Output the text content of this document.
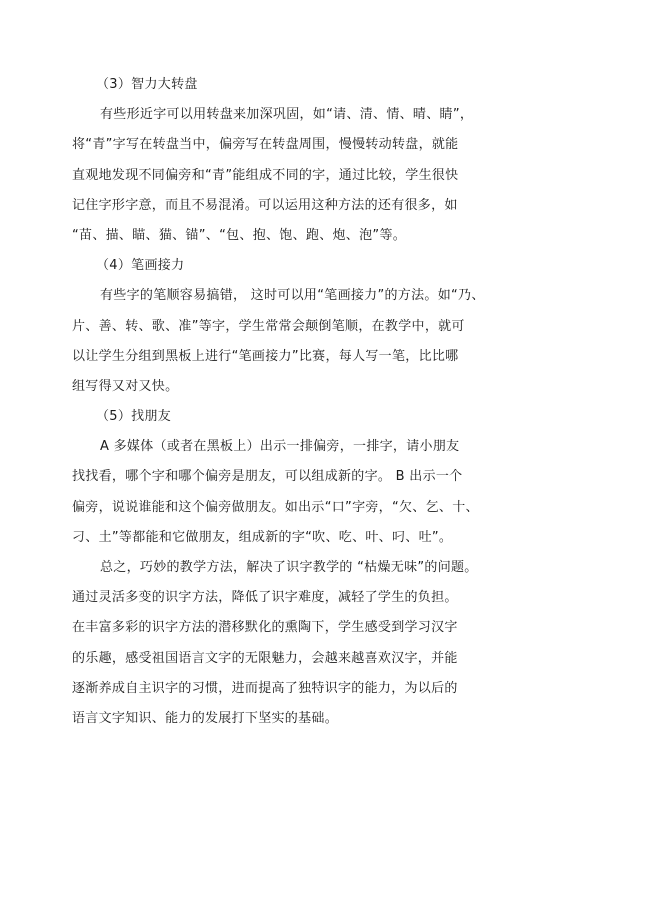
（3）智力大转盘
有些形近字可以用转盘来加深巩固，如“请、清、情、晴、睛”，
将“青”字写在转盘当中，偏旁写在转盘周围，慢慢转动转盘，就能
直观地发现不同偏旁和“青”能组成不同的字，通过比较，学生很快
记住字形字意，而且不易混淆。可以运用这种方法的还有很多，如
“苗、描、瞄、猫、锚”、“包、抱、饱、跑、炮、泡”等。
（4）笔画接力
有些字的笔顺容易搞错， 这时可以用“笔画接力”的方法。如“乃、
片、善、转、歌、准”等字，学生常常会颠倒笔顺，在教学中，就可
以让学生分组到黑板上进行“笔画接力”比赛，每人写一笔，比比哪
组写得又对又快。
（5）找朋友
A 多媒体（或者在黑板上）出示一排偏旁，一排字，请小朋友
找找看，哪个字和哪个偏旁是朋友，可以组成新的字。 B 出示一个
偏旁，说说谁能和这个偏旁做朋友。如出示“口”字旁，“欠、乞、十、
刁、土”等都能和它做朋友，组成新的字“吹、吃、叶、叼、吐”。
总之，巧妙的教学方法，解决了识字教学的 “枯燥无味”的问题。
通过灵活多变的识字方法，降低了识字难度，减轻了学生的负担。
在丰富多彩的识字方法的潜移默化的熏陶下，学生感受到学习汉字
的乐趣，感受祖国语言文字的无限魅力，会越来越喜欢汉字，并能
逐渐养成自主识字的习惯，进而提高了独特识字的能力，为以后的
语言文字知识、能力的发展打下坚实的基础。
